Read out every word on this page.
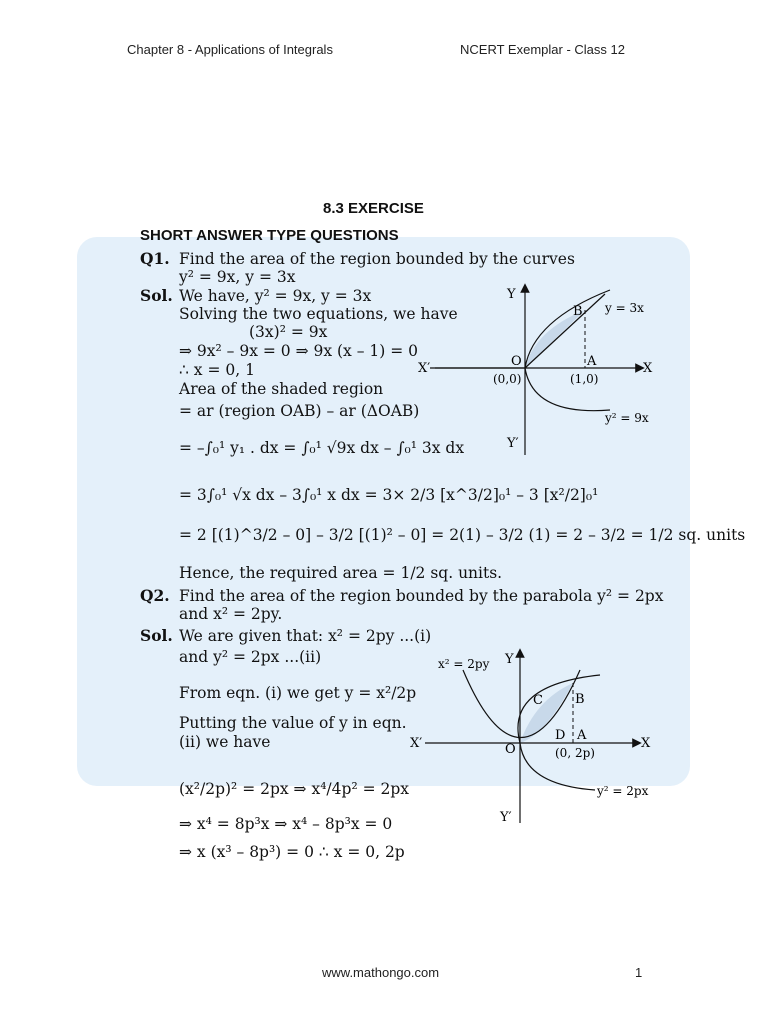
Chapter 8 - Applications of Integrals	NCERT Exemplar - Class 12
8.3 EXERCISE
SHORT ANSWER TYPE QUESTIONS
Q1. Find the area of the region bounded by the curves
y² = 9x, y = 3x
Sol. We have, y² = 9x, y = 3x
Solving the two equations, we have
(3x)² = 9x
⇒ 9x² – 9x = 0 ⇒ 9x (x – 1) = 0
∴ x = 0, 1
Area of the shaded region
= ar (region OAB) – ar (ΔOAB)
= –∫₀¹ y₁ . dx = ∫₀¹ √9x dx – ∫₀¹ 3x dx
= 3∫₀¹ √x dx – 3∫₀¹ x dx = 3× 2/3 [x^3/2]₀¹ – 3 [x²/2]₀¹
= 2 [(1)^3/2 – 0] – 3/2 [(1)² – 0] = 2(1) – 3/2 (1) = 2 – 3/2 = 1/2 sq. units
Hence, the required area = 1/2 sq. units.
Q2. Find the area of the region bounded by the parabola y² = 2px
and x² = 2py.
Sol. We are given that: x² = 2py ...(i)
and y² = 2px ...(ii)
From eqn. (i) we get y = x²/2p
Putting the value of y in eqn.
(ii) we have
(x²/2p)² = 2px ⇒ x⁴/4p² = 2px
⇒ x⁴ = 8p³x ⇒ x⁴ – 8p³x = 0
⇒ x (x³ – 8p³) = 0 ∴ x = 0, 2p
Y
Y′
X
X′	O	A
B
(0,0)	(1,0)
y = 3x
y² = 9x
Y
Y′
X
X′	O
D A
B
C
(0, 2p)
x² = 2py
y² = 2px
www.mathongo.com	1
